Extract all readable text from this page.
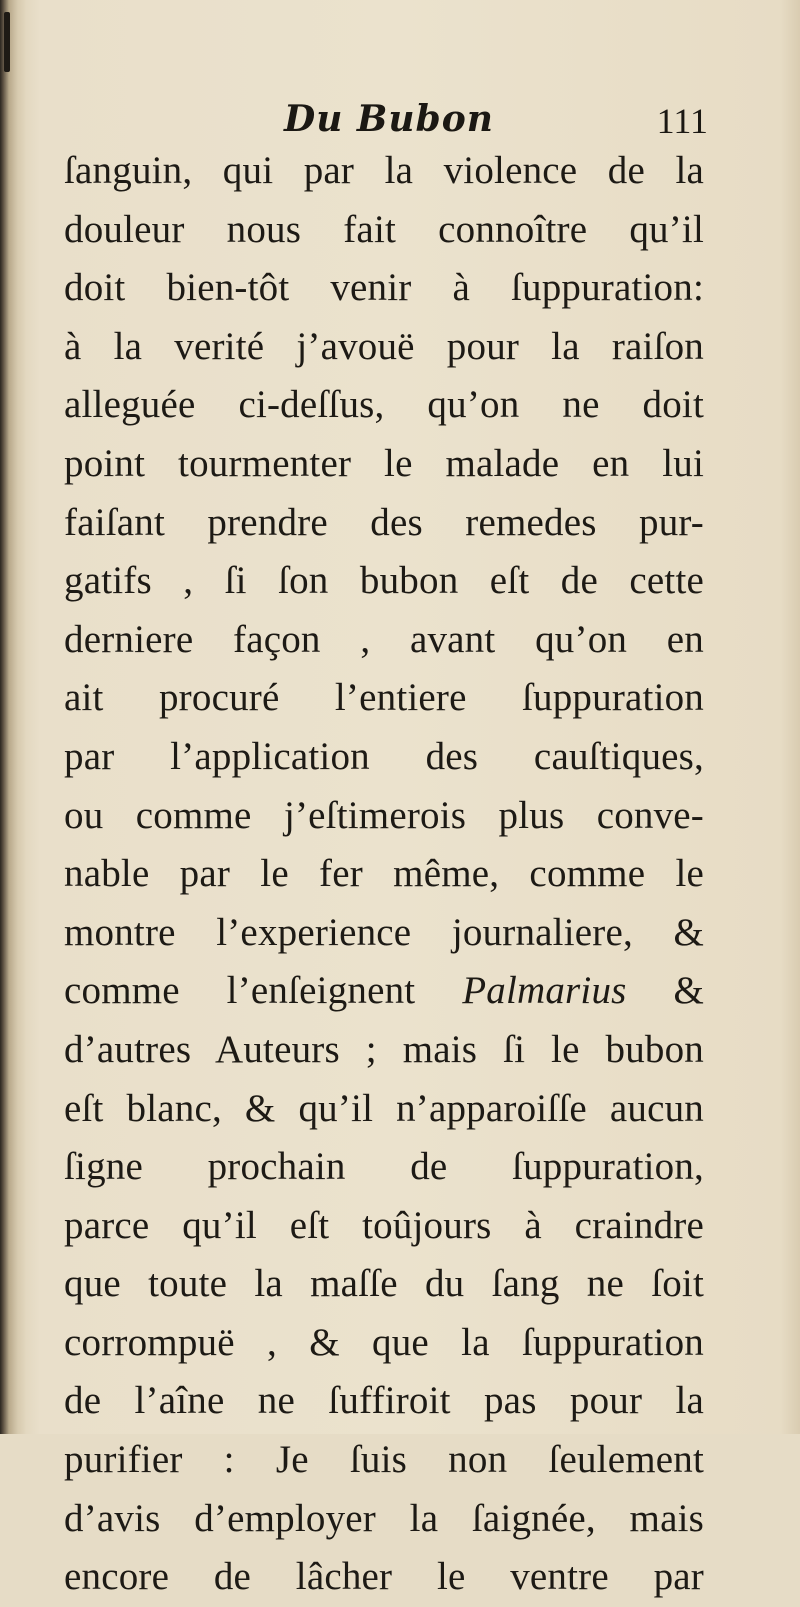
Du Bubon	111
ſanguin, qui par la violence de la
douleur nous fait connoître qu’il
doit bien-tôt venir à ſuppuration:
à la verité j’avouë pour la raiſon
alleguée ci-deſſus, qu’on ne doit
point tourmenter le malade en lui
faiſant prendre des remedes pur-
gatifs , ſi ſon bubon eſt de cette
derniere façon , avant qu’on en
ait procuré l’entiere ſuppuration
par l’application des cauſtiques,
ou comme j’eſtimerois plus conve-
nable par le fer même, comme le
montre l’experience journaliere, &
comme l’enſeignent Palmarius &
d’autres Auteurs ; mais ſi le bubon
eſt blanc, & qu’il n’apparoiſſe aucun
ſigne prochain de ſuppuration,
parce qu’il eſt toûjours à craindre
que toute la maſſe du ſang ne ſoit
corrompuë , & que la ſuppuration
de l’aîne ne ſuffiroit pas pour la
purifier : Je ſuis non ſeulement
d’avis d’employer la ſaignée, mais
encore de lâcher le ventre par
